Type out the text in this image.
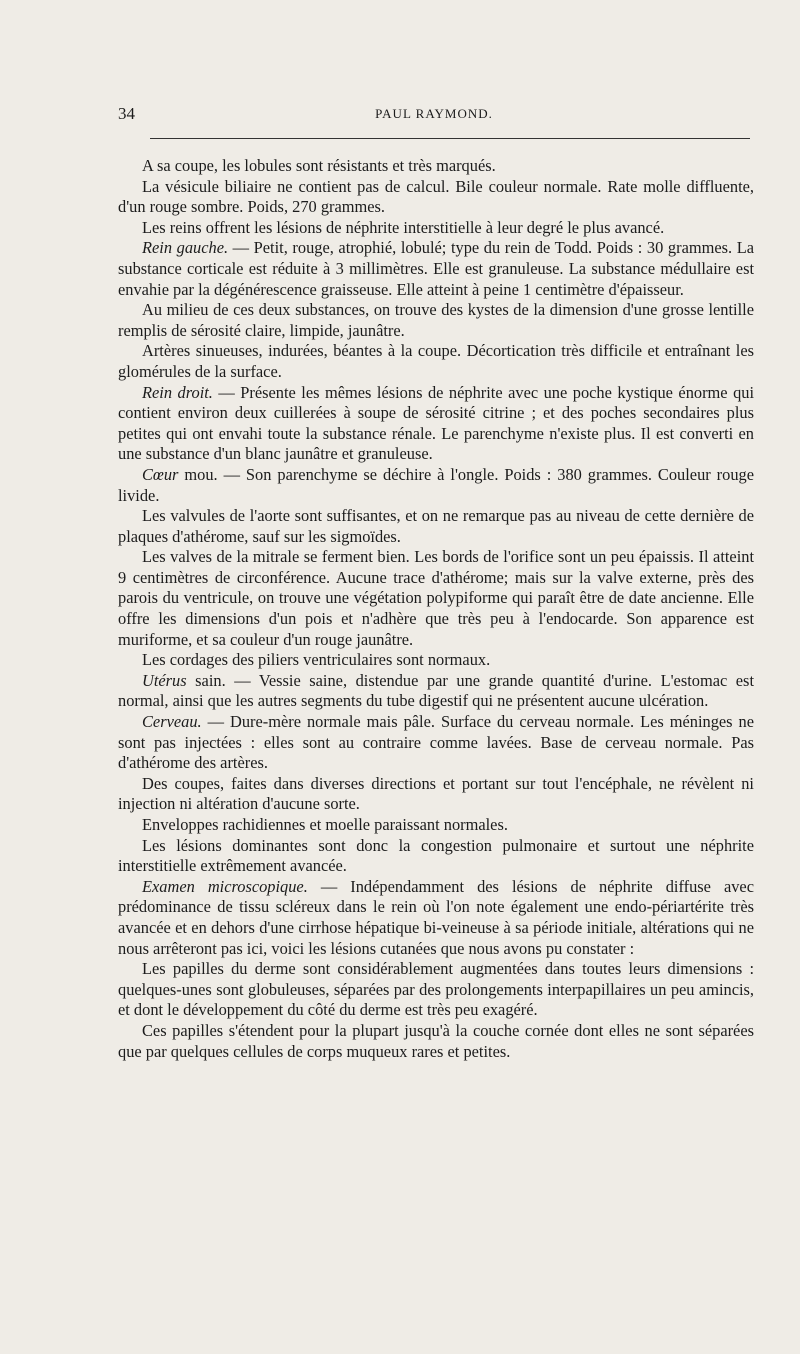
34	PAUL RAYMOND.

A sa coupe, les lobules sont résistants et très marqués.

La vésicule biliaire ne contient pas de calcul. Bile couleur normale. Rate molle diffluente, d'un rouge sombre. Poids, 270 grammes.

Les reins offrent les lésions de néphrite interstitielle à leur degré le plus avancé.

Rein gauche. — Petit, rouge, atrophié, lobulé; type du rein de Todd. Poids : 30 grammes. La substance corticale est réduite à 3 millimètres. Elle est granuleuse. La substance médullaire est envahie par la dégénérescence graisseuse. Elle atteint à peine 1 centimètre d'épaisseur.

Au milieu de ces deux substances, on trouve des kystes de la dimension d'une grosse lentille remplis de sérosité claire, limpide, jaunâtre.

Artères sinueuses, indurées, béantes à la coupe. Décortication très difficile et entraînant les glomérules de la surface.

Rein droit. — Présente les mêmes lésions de néphrite avec une poche kystique énorme qui contient environ deux cuillerées à soupe de sérosité citrine ; et des poches secondaires plus petites qui ont envahi toute la substance rénale. Le parenchyme n'existe plus. Il est converti en une substance d'un blanc jaunâtre et granuleuse.

Cœur mou. — Son parenchyme se déchire à l'ongle. Poids : 380 grammes. Couleur rouge livide.

Les valvules de l'aorte sont suffisantes, et on ne remarque pas au niveau de cette dernière de plaques d'athérome, sauf sur les sigmoïdes.

Les valves de la mitrale se ferment bien. Les bords de l'orifice sont un peu épaissis. Il atteint 9 centimètres de circonférence. Aucune trace d'athérome; mais sur la valve externe, près des parois du ventricule, on trouve une végétation polypiforme qui paraît être de date ancienne. Elle offre les dimensions d'un pois et n'adhère que très peu à l'endocarde. Son apparence est muriforme, et sa couleur d'un rouge jaunâtre.

Les cordages des piliers ventriculaires sont normaux.

Utérus sain. — Vessie saine, distendue par une grande quantité d'urine. L'estomac est normal, ainsi que les autres segments du tube digestif qui ne présentent aucune ulcération.

Cerveau. — Dure-mère normale mais pâle. Surface du cerveau normale. Les méninges ne sont pas injectées : elles sont au contraire comme lavées. Base de cerveau normale. Pas d'athérome des artères.

Des coupes, faites dans diverses directions et portant sur tout l'encéphale, ne révèlent ni injection ni altération d'aucune sorte.

Enveloppes rachidiennes et moelle paraissant normales.

Les lésions dominantes sont donc la congestion pulmonaire et surtout une néphrite interstitielle extrêmement avancée.

Examen microscopique. — Indépendamment des lésions de néphrite diffuse avec prédominance de tissu scléreux dans le rein où l'on note également une endo-périartérite très avancée et en dehors d'une cirrhose hépatique bi-veineuse à sa période initiale, altérations qui ne nous arrêteront pas ici, voici les lésions cutanées que nous avons pu constater :

Les papilles du derme sont considérablement augmentées dans toutes leurs dimensions : quelques-unes sont globuleuses, séparées par des prolongements interpapillaires un peu amincis, et dont le développement du côté du derme est très peu exagéré.

Ces papilles s'étendent pour la plupart jusqu'à la couche cornée dont elles ne sont séparées que par quelques cellules de corps muqueux rares et petites.
